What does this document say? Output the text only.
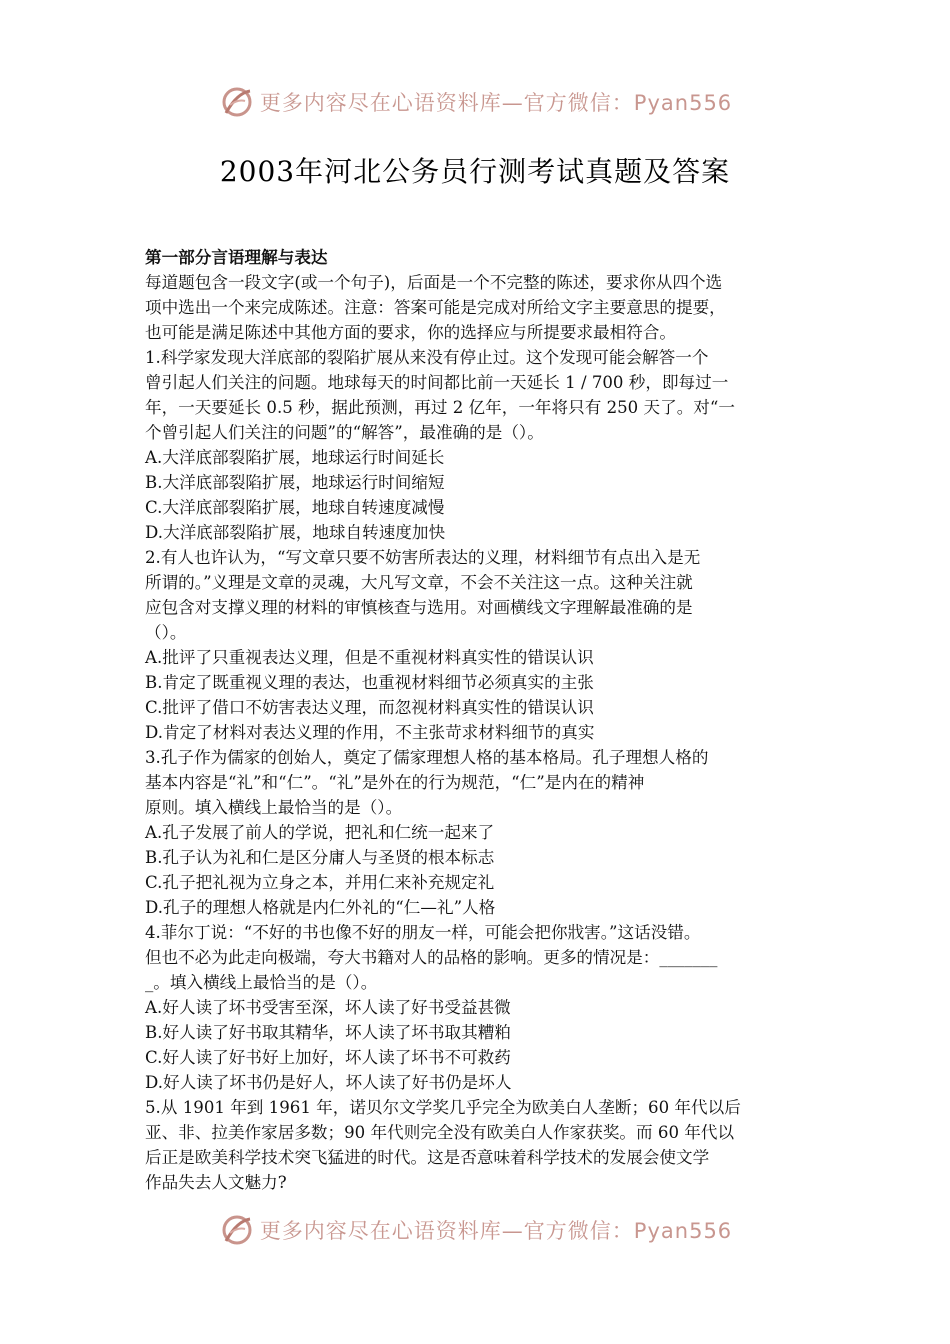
更多内容尽在心语资料库—官方微信：Pyan556
2003年河北公务员行测考试真题及答案

第一部分言语理解与表达

每道题包含一段文字(或一个句子)，后面是一个不完整的陈述，要求你从四个选

项中选出一个来完成陈述。注意：答案可能是完成对所给文字主要意思的提要，

也可能是满足陈述中其他方面的要求，你的选择应与所提要求最相符合。

1.科学家发现大洋底部的裂陷扩展从来没有停止过。这个发现可能会解答一个

曾引起人们关注的问题。地球每天的时间都比前一天延长 1 / 700 秒，即每过一

年，一天要延长 0.5 秒，据此预测，再过 2 亿年，一年将只有 250 天了。对“一

个曾引起人们关注的问题”的“解答”，最准确的是（）。

A.大洋底部裂陷扩展，地球运行时间延长

B.大洋底部裂陷扩展，地球运行时间缩短

C.大洋底部裂陷扩展，地球自转速度减慢

D.大洋底部裂陷扩展，地球自转速度加快

2.有人也许认为，“写文章只要不妨害所表达的义理，材料细节有点出入是无

所谓的。”义理是文章的灵魂，大凡写文章，不会不关注这一点。这种关注就

应包含对支撑义理的材料的审慎核查与选用。对画横线文字理解最准确的是

（）。

A.批评了只重视表达义理，但是不重视材料真实性的错误认识

B.肯定了既重视义理的表达，也重视材料细节必须真实的主张

C.批评了借口不妨害表达义理，而忽视材料真实性的错误认识

D.肯定了材料对表达义理的作用，不主张苛求材料细节的真实

3.孔子作为儒家的创始人，奠定了儒家理想人格的基本格局。孔子理想人格的

基本内容是“礼”和“仁”。“礼”是外在的行为规范，“仁”是内在的精神

原则。填入横线上最恰当的是（）。

A.孔子发展了前人的学说，把礼和仁统一起来了

B.孔子认为礼和仁是区分庸人与圣贤的根本标志

C.孔子把礼视为立身之本，并用仁来补充规定礼

D.孔子的理想人格就是内仁外礼的“仁—礼”人格

4.菲尔丁说：“不好的书也像不好的朋友一样，可能会把你戕害。”这话没错。

但也不必为此走向极端，夸大书籍对人的品格的影响。更多的情况是：_______

_。填入横线上最恰当的是（）。

A.好人读了坏书受害至深，坏人读了好书受益甚微

B.好人读了好书取其精华，坏人读了坏书取其糟粕

C.好人读了好书好上加好，坏人读了坏书不可救药

D.好人读了坏书仍是好人，坏人读了好书仍是坏人

5.从 1901 年到 1961 年，诺贝尔文学奖几乎完全为欧美白人垄断；60 年代以后

亚、非、拉美作家居多数；90 年代则完全没有欧美白人作家获奖。而 60 年代以

后正是欧美科学技术突飞猛进的时代。这是否意味着科学技术的发展会使文学

作品失去人文魅力?

更多内容尽在心语资料库—官方微信：Pyan556
